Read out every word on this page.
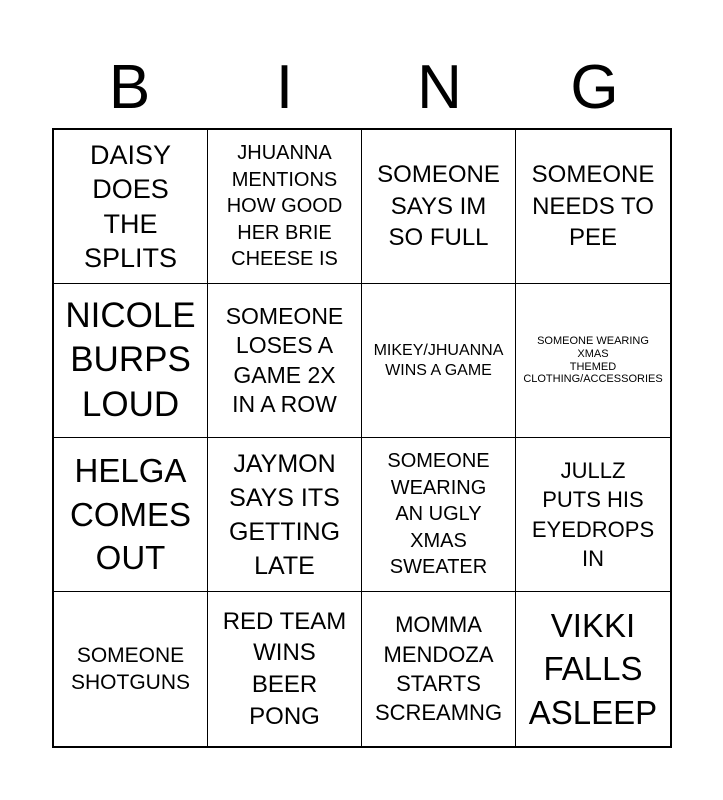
B	I	N	G
DAISY
DOES
THE
SPLITS
JHUANNA
MENTIONS
HOW GOOD
HER BRIE
CHEESE IS
SOMEONE
SAYS IM
SO FULL
SOMEONE
NEEDS TO
PEE
NICOLE
BURPS
LOUD
SOMEONE
LOSES A
GAME 2X
IN A ROW
MIKEY/JHUANNA
WINS A GAME
SOMEONE WEARING XMAS
THEMED
CLOTHING/ACCESSORIES
HELGA
COMES
OUT
JAYMON
SAYS ITS
GETTING
LATE
SOMEONE
WEARING
AN UGLY
XMAS
SWEATER
JULLZ
PUTS HIS
EYEDROPS
IN
SOMEONE
SHOTGUNS
RED TEAM
WINS
BEER
PONG
MOMMA
MENDOZA
STARTS
SCREAMNG
VIKKI
FALLS
ASLEEP
